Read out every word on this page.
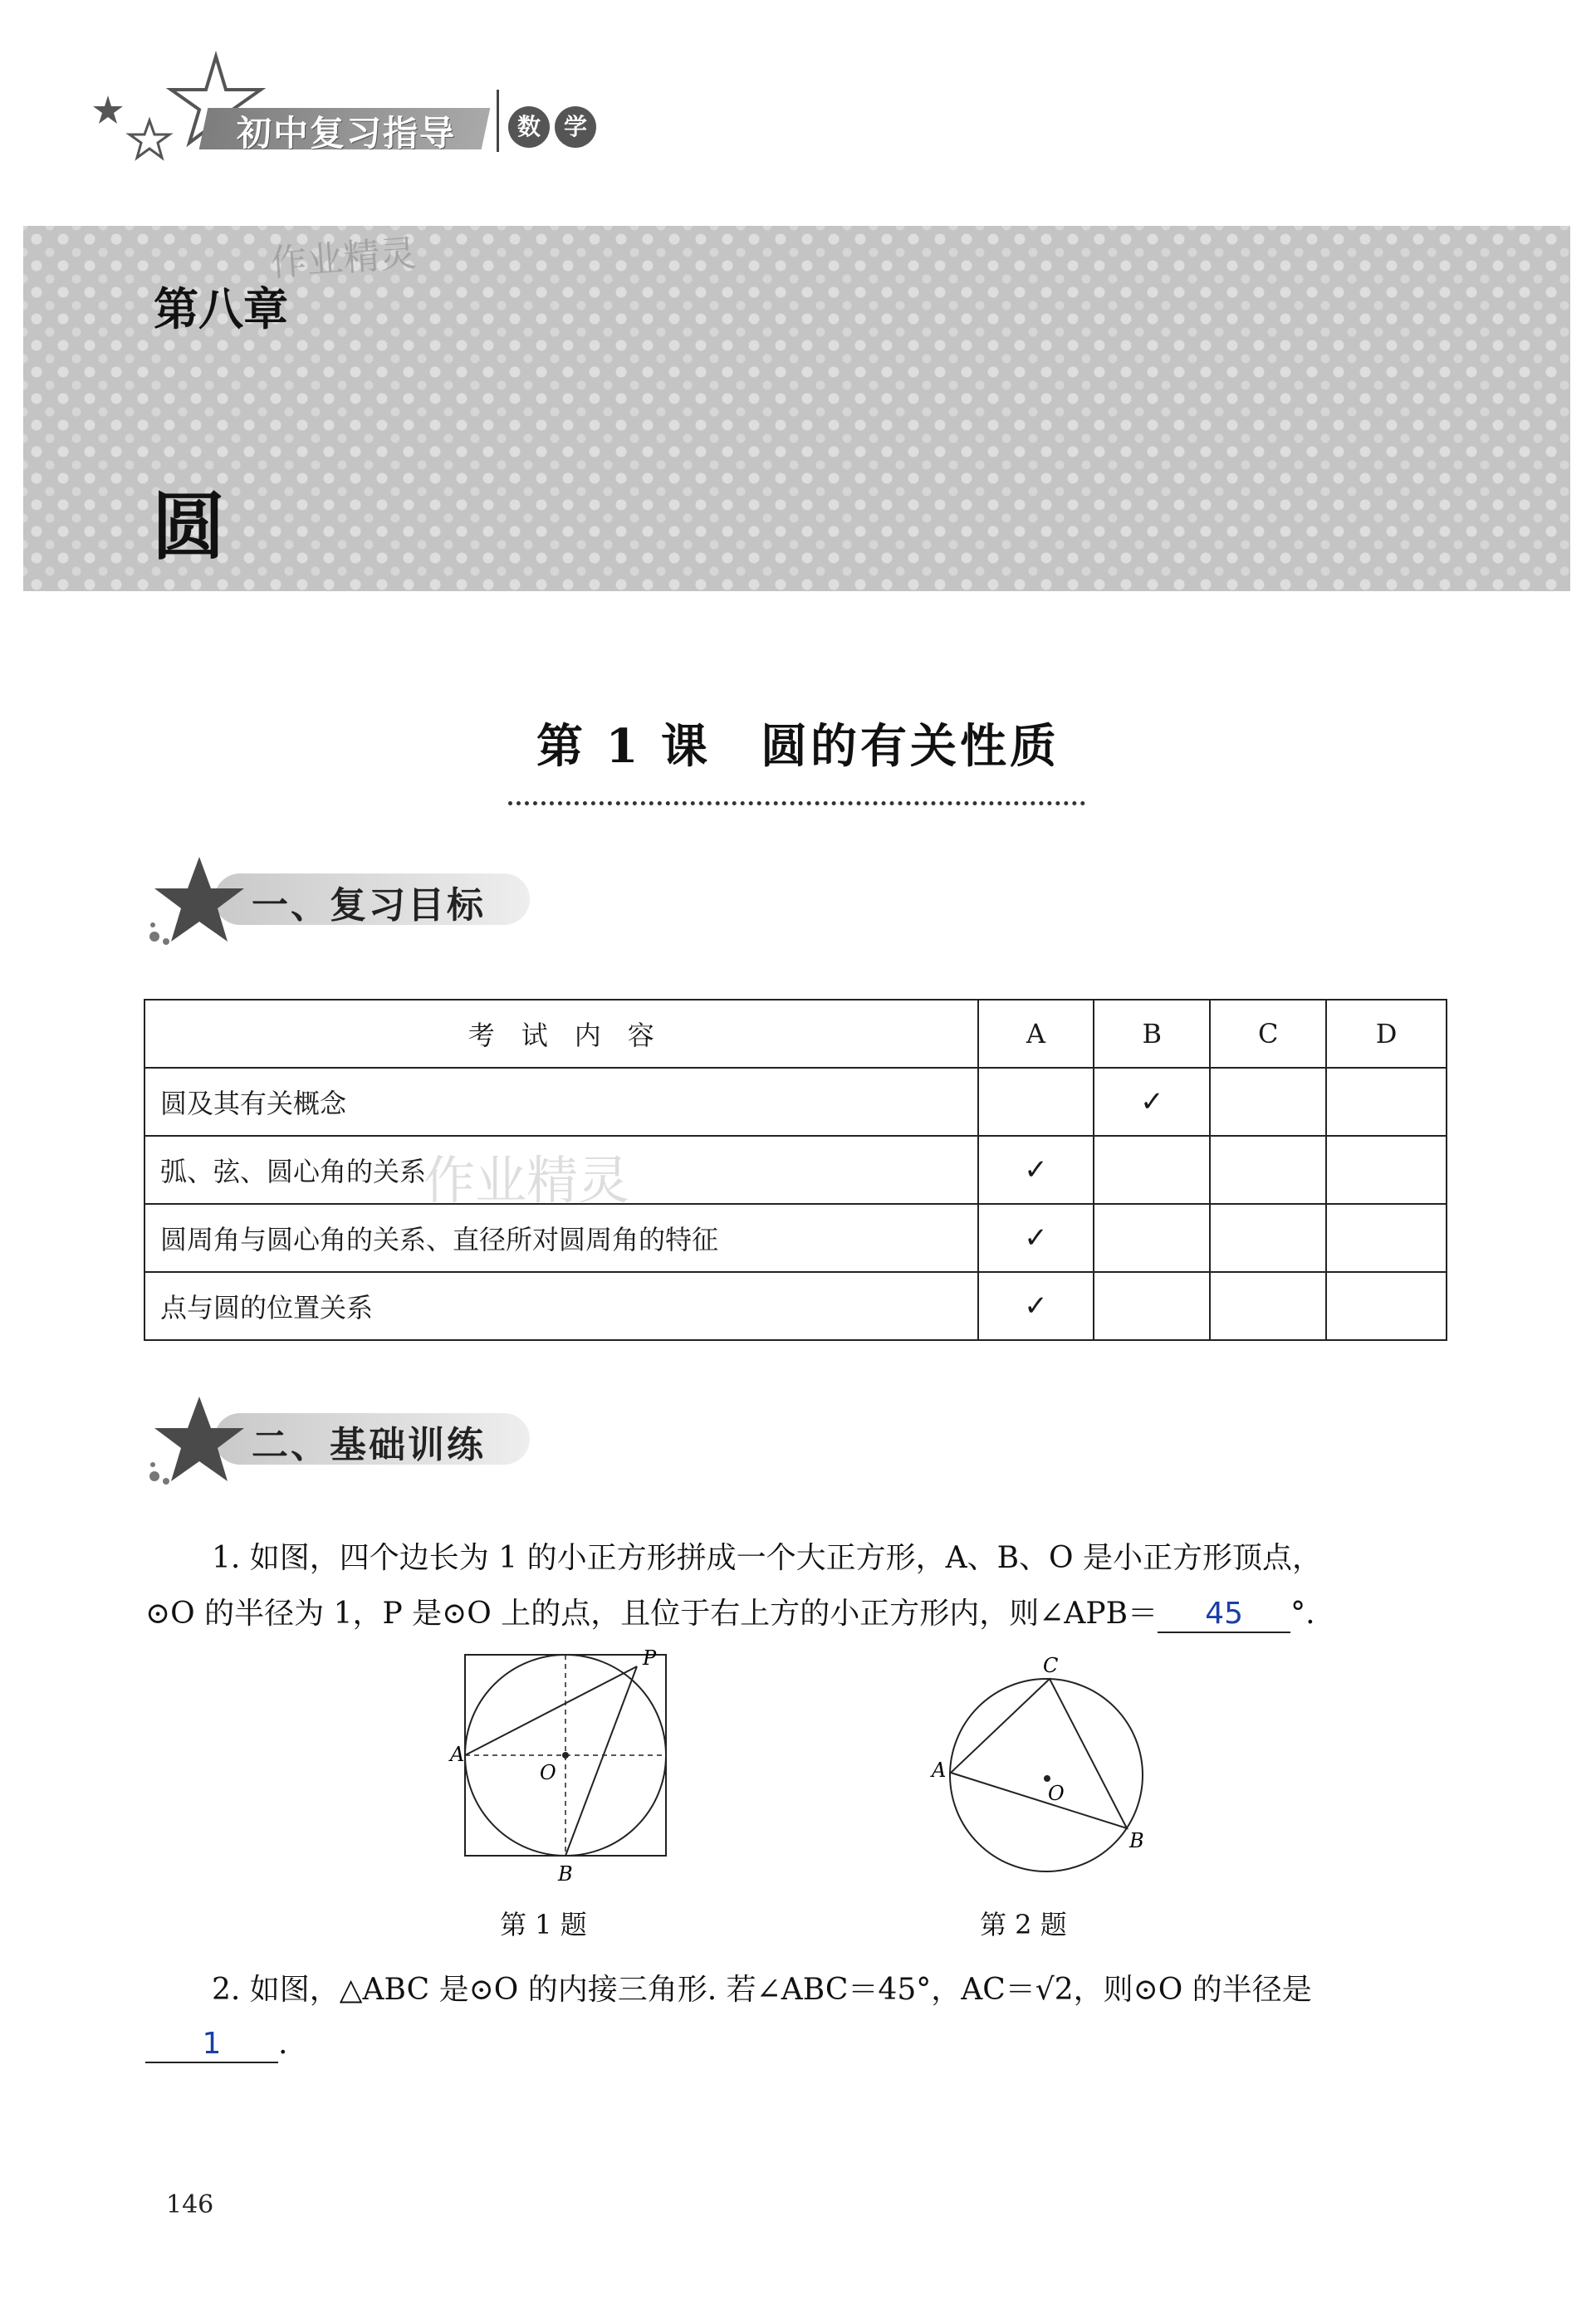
初中复习指导	数 学
作业精灵
第八章
圆
第 1 课　圆的有关性质
一、复习目标
考　试　内　容	A	B	C	D
圆及其有关概念		✓		
弧、弦、圆心角的关系	✓			
圆周角与圆心角的关系、直径所对圆周角的特征	✓			
点与圆的位置关系	✓			
作业精灵
二、基础训练
1. 如图，四个边长为 1 的小正方形拼成一个大正方形，A、B、O 是小正方形顶点，
⊙O 的半径为 1，P 是⊙O 上的点，且位于右上方的小正方形内，则∠APB＝ 45 °.
A
O
B
P
第 1 题
C
A
B
O
第 2 题
2. 如图，△ABC 是⊙O 的内接三角形. 若∠ABC＝45°，AC＝√2，则⊙O 的半径是
1 .
146
